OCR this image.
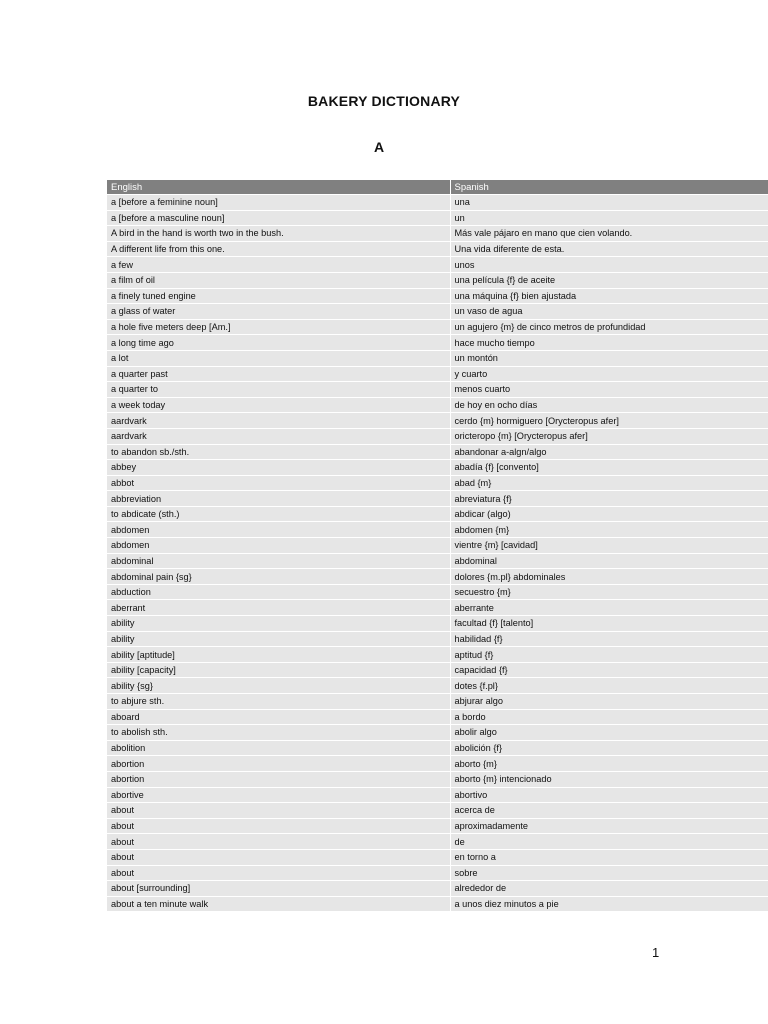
BAKERY DICTIONARY
A
English	Spanish
a [before a feminine noun]	una
a [before a masculine noun]	un
A bird in the hand is worth two in the bush.	Más vale pájaro en mano que cien volando.
A different life from this one.	Una vida diferente de esta.
a few	unos
a film of oil	una película {f} de aceite
a finely tuned engine	una máquina {f} bien ajustada
a glass of water	un vaso de agua
a hole five meters deep [Am.]	un agujero {m} de cinco metros de profundidad
a long time ago	hace mucho tiempo
a lot	un montón
a quarter past	y cuarto
a quarter to	menos cuarto
a week today	de hoy en ocho días
aardvark	cerdo {m} hormiguero [Orycteropus afer]
aardvark	oricteropo {m} [Orycteropus afer]
to abandon sb./sth.	abandonar a-algn/algo
abbey	abadía {f} [convento]
abbot	abad {m}
abbreviation	abreviatura {f}
to abdicate (sth.)	abdicar (algo)
abdomen	abdomen {m}
abdomen	vientre {m} [cavidad]
abdominal	abdominal
abdominal pain {sg}	dolores {m.pl} abdominales
abduction	secuestro {m}
aberrant	aberrante
ability	facultad {f} [talento]
ability	habilidad {f}
ability [aptitude]	aptitud {f}
ability [capacity]	capacidad {f}
ability {sg}	dotes {f.pl}
to abjure sth.	abjurar algo
aboard	a bordo
to abolish sth.	abolir algo
abolition	abolición {f}
abortion	aborto {m}
abortion	aborto {m} intencionado
abortive	abortivo
about	acerca de
about	aproximadamente
about	de
about	en torno a
about	sobre
about [surrounding]	alrededor de
about a ten minute walk	a unos diez minutos a pie
1
